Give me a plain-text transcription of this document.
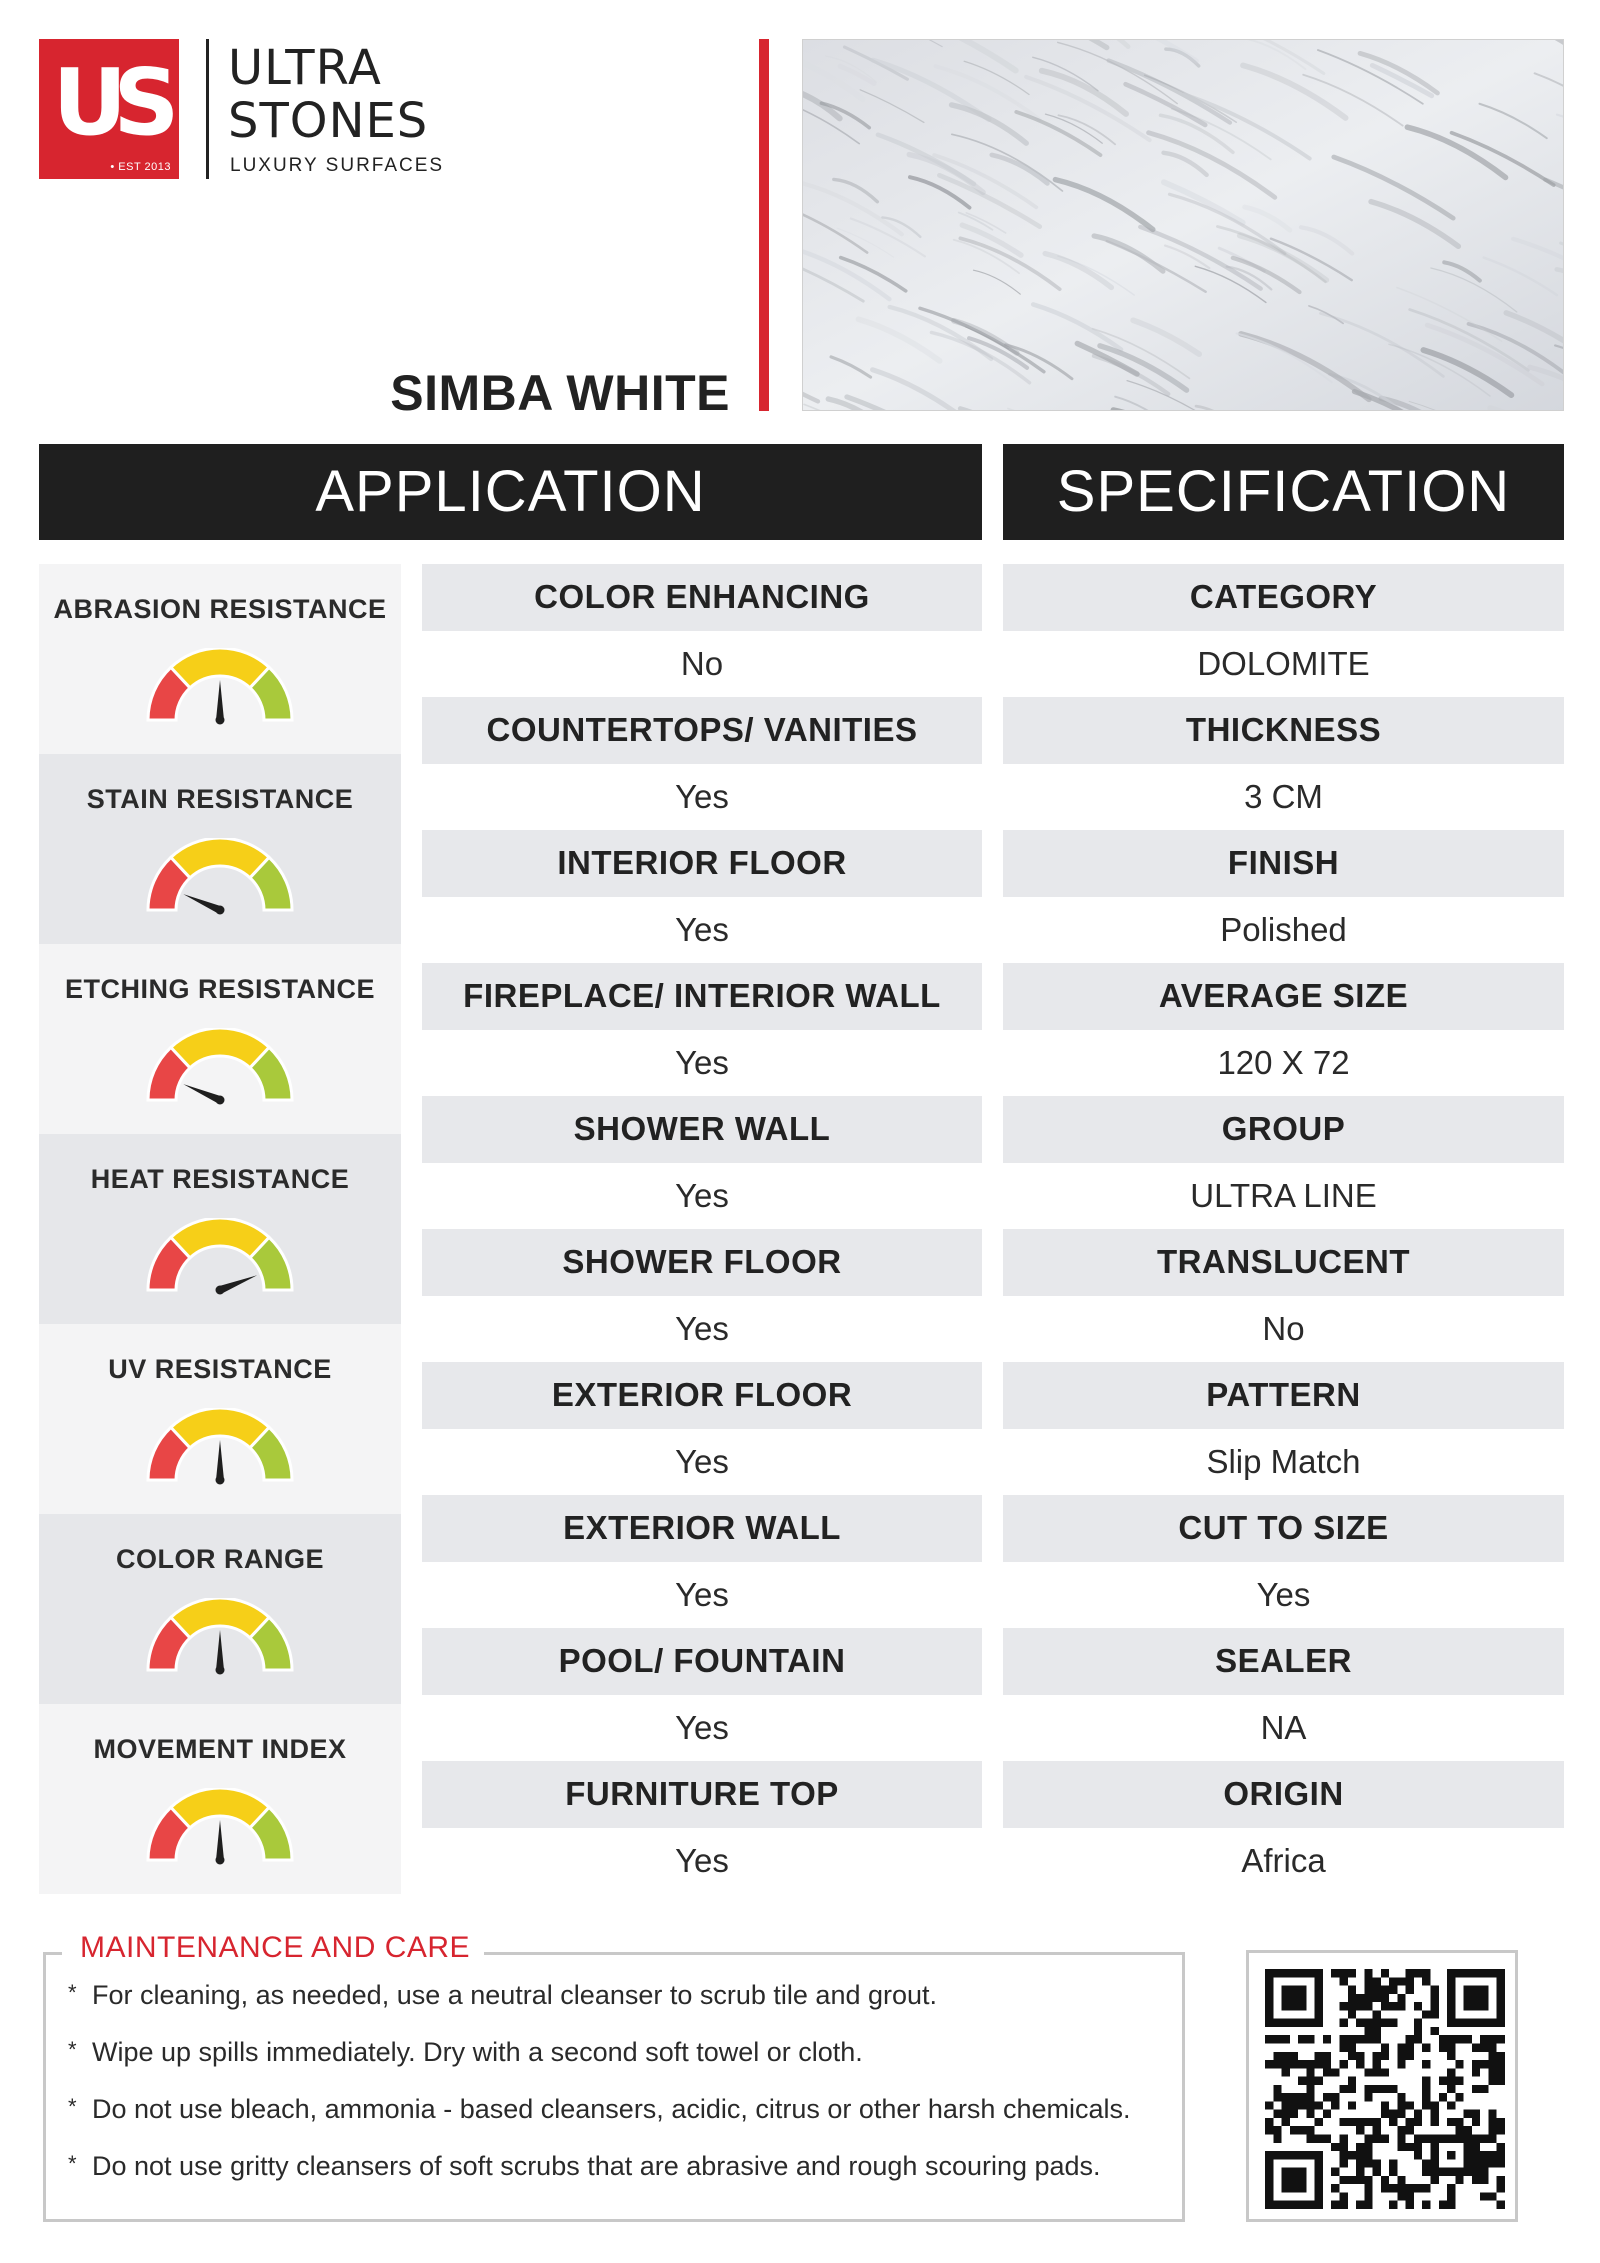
US
• EST 2013
ULTRA
STONES
LUXURY SURFACES
SIMBA WHITE
APPLICATION	SPECIFICATION
ABRASION RESISTANCE
STAIN RESISTANCE
ETCHING RESISTANCE
HEAT RESISTANCE
UV RESISTANCE
COLOR RANGE
MOVEMENT INDEX
COLOR ENHANCING
No
COUNTERTOPS/ VANITIES
Yes
INTERIOR FLOOR
Yes
FIREPLACE/ INTERIOR WALL
Yes
SHOWER WALL
Yes
SHOWER FLOOR
Yes
EXTERIOR FLOOR
Yes
EXTERIOR WALL
Yes
POOL/ FOUNTAIN
Yes
FURNITURE TOP
Yes
CATEGORY
DOLOMITE
THICKNESS
3 CM
FINISH
Polished
AVERAGE SIZE
120 X 72
GROUP
ULTRA LINE
TRANSLUCENT
No
PATTERN
Slip Match
CUT TO SIZE
Yes
SEALER
NA
ORIGIN
Africa
MAINTENANCE AND CARE
* For cleaning, as needed, use a neutral cleanser to scrub tile and grout.
* Wipe up spills immediately. Dry with a second soft towel or cloth.
* Do not use bleach, ammonia - based cleansers, acidic, citrus or other harsh chemicals.
* Do not use gritty cleansers of soft scrubs that are abrasive and rough scouring pads.
